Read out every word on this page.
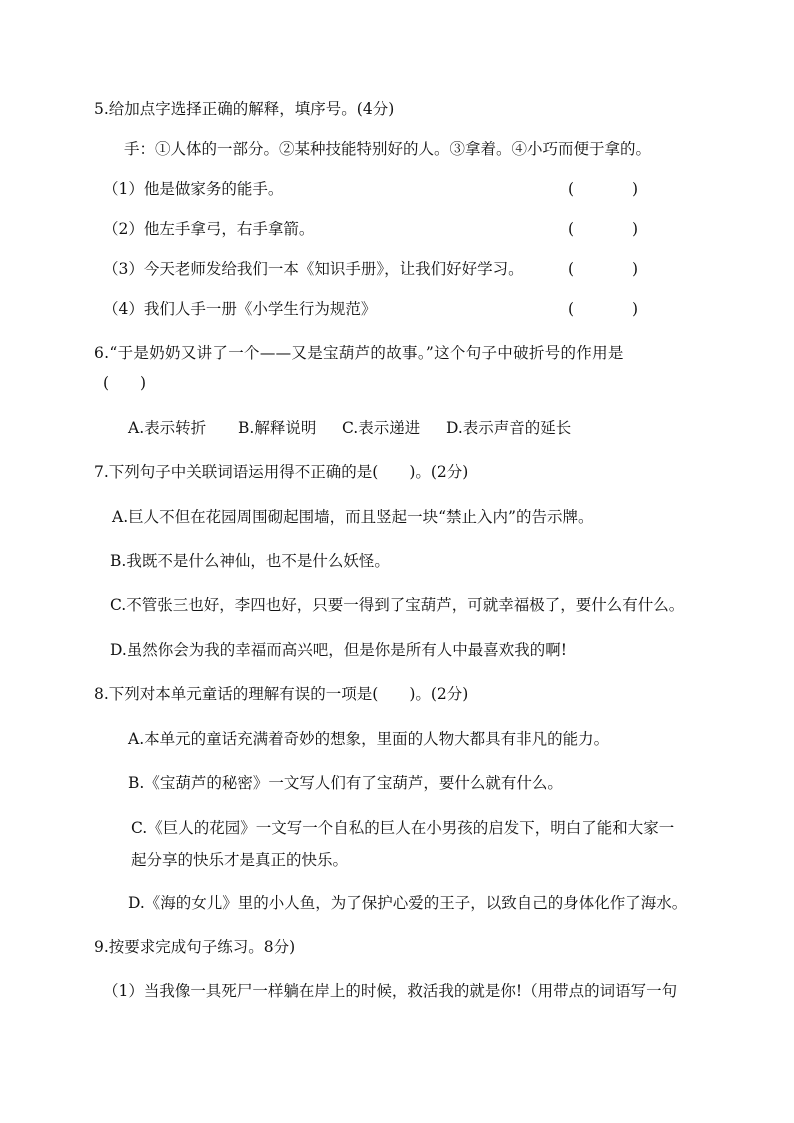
5.给加点字选择正确的解释，填序号。(4分)
手：①人体的一部分。②某种技能特别好的人。③拿着。④小巧而便于拿的。
（1）他是做家务的能手。	(	)
（2）他左手拿弓，右手拿箭。	(	)
（3）今天老师发给我们一本《知识手册》，让我们好好学习。	(	)
（4）我们人手一册《小学生行为规范》	(	)
6.“于是奶奶又讲了一个——又是宝葫芦的故事。”这个句子中破折号的作用是
(　　)
A.表示转折 B.解释说明 C.表示递进 D.表示声音的延长
7.下列句子中关联词语运用得不正确的是(　　)。(2分)
A.巨人不但在花园周围砌起围墙，而且竖起一块“禁止入内”的告示牌。
B.我既不是什么神仙，也不是什么妖怪。
C.不管张三也好，李四也好，只要一得到了宝葫芦，可就幸福极了，要什么有什么。
D.虽然你会为我的幸福而高兴吧，但是你是所有人中最喜欢我的啊!
8.下列对本单元童话的理解有误的一项是(　　)。(2分)
A.本单元的童话充满着奇妙的想象，里面的人物大都具有非凡的能力。
B.《宝葫芦的秘密》一文写人们有了宝葫芦，要什么就有什么。
C.《巨人的花园》一文写一个自私的巨人在小男孩的启发下，明白了能和大家一
起分享的快乐才是真正的快乐。
D.《海的女儿》里的小人鱼，为了保护心爱的王子，以致自己的身体化作了海水。
9.按要求完成句子练习。8分)
（1）当我像一具死尸一样躺在岸上的时候，救活我的就是你!（用带点的词语写一句
